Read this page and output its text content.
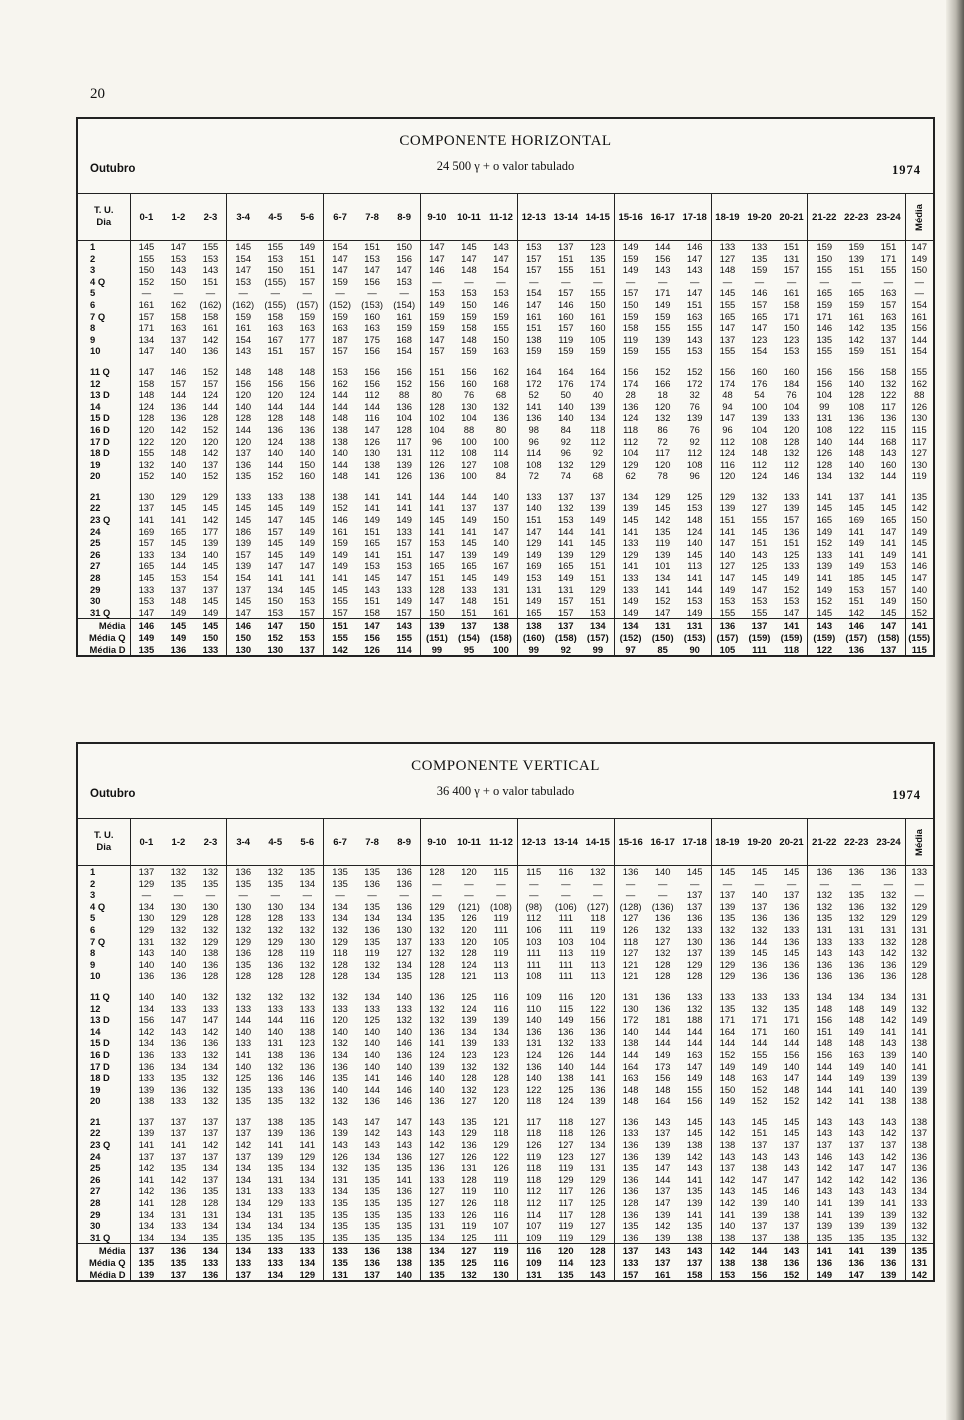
20
COMPONENTE HORIZONTAL
24 500 γ + o valor tabulado
Outubro	1974
T. U.
Dia	0-1	1-2	2-3	3-4	4-5	5-6	6-7	7-8	8-9	9-10	10-11	11-12	12-13	13-14	14-15	15-16	16-17	17-18	18-19	19-20	20-21	21-22	22-23	23-24	Média
1	145	147	155	145	155	149	154	151	150	147	145	143	153	137	123	149	144	146	133	133	151	159	159	151	147
2	155	153	153	154	153	151	147	153	156	147	147	147	157	151	135	159	156	147	127	135	131	150	139	171	149
3	150	143	143	147	150	151	147	147	147	146	148	154	157	155	151	149	143	143	148	159	157	155	151	155	150
4 Q	152	150	151	153	(155)	157	159	156	153	—	—	—	—	—	—	—	—	—	—	—	—	—	—	—	—
5	—	—	—	—	—	—	—	—	—	153	153	153	154	157	155	157	171	147	145	146	161	165	165	163	—
6	161	162	(162)	(162)	(155)	(157)	(152)	(153)	(154)	149	150	146	147	146	150	150	149	151	155	157	158	159	159	157	154
7 Q	157	158	158	159	158	159	159	160	161	159	159	159	161	160	161	159	159	163	165	165	171	171	161	163	161
8	171	163	161	161	163	163	163	163	159	159	158	155	151	157	160	158	155	155	147	147	150	146	142	135	156
9	134	137	142	154	167	177	187	175	168	147	148	150	138	119	105	119	139	143	137	123	123	135	142	137	144
10	147	140	136	143	151	157	157	156	154	157	159	163	159	159	159	159	155	153	155	154	153	155	159	151	154

11 Q	147	146	152	148	148	148	153	156	156	151	156	162	164	164	164	156	152	152	156	160	160	156	156	158	155
12	158	157	157	156	156	156	162	156	152	156	160	168	172	176	174	174	166	172	174	176	184	156	140	132	162
13 D	148	144	124	120	120	124	144	112	88	80	76	68	52	50	40	28	18	32	48	54	76	104	128	122	88
14	124	136	144	140	144	144	144	144	136	128	130	132	141	140	139	136	120	76	94	100	104	99	108	117	126
15 D	128	136	128	128	128	148	148	116	104	102	104	136	136	140	134	124	132	139	147	139	133	131	136	136	130
16 D	120	142	152	144	136	136	138	147	128	104	88	80	98	84	118	118	86	76	96	104	120	108	122	115	115
17 D	122	120	120	120	124	138	138	126	117	96	100	100	96	92	112	112	72	92	112	108	128	140	144	168	117
18 D	155	148	142	137	140	140	140	130	131	112	108	114	114	96	92	104	117	112	124	148	132	126	148	143	127
19	132	140	137	136	144	150	144	138	139	126	127	108	108	132	129	129	120	108	116	112	112	128	140	160	130
20	152	140	152	135	152	160	148	141	126	136	100	84	72	74	68	62	78	96	120	124	146	134	132	144	119

21	130	129	129	133	133	138	138	141	141	144	144	140	133	137	137	134	129	125	129	132	133	141	137	141	135
22	137	145	145	145	145	149	152	141	141	141	137	137	140	132	139	139	145	153	139	127	139	145	145	145	142
23 Q	141	141	142	145	147	145	146	149	149	145	149	150	151	153	149	145	142	148	151	155	157	165	169	165	150
24	169	165	177	186	157	149	161	151	133	141	141	147	147	144	141	141	135	124	141	145	136	149	141	147	149
25	157	145	139	139	145	149	159	165	157	153	145	140	129	141	145	133	119	140	147	151	151	152	149	141	145
26	133	134	140	157	145	149	149	141	151	147	139	149	149	139	129	129	139	145	140	143	125	133	141	149	141
27	165	144	145	139	147	147	149	153	153	165	165	167	169	165	151	141	101	113	127	125	133	139	149	153	146
28	145	153	154	154	141	141	141	145	147	151	145	149	153	149	151	133	134	141	147	145	149	141	185	145	147
29	133	137	137	137	134	145	145	143	133	128	133	131	131	131	129	133	141	144	149	147	152	149	153	157	140
30	153	148	145	145	150	153	155	151	149	147	148	151	149	157	151	149	152	153	153	153	153	152	151	149	150
31 Q	147	149	149	147	153	157	157	158	157	150	151	161	165	157	153	149	147	149	155	155	147	145	142	145	152
Média	146	145	145	146	147	150	151	147	143	139	137	138	138	137	134	134	131	131	136	137	141	143	146	147	141
Média Q	149	149	150	150	152	153	155	156	155	(151)	(154)	(158)	(160)	(158)	(157)	(152)	(150)	(153)	(157)	(159)	(159)	(159)	(157)	(158)	(155)
Média D	135	136	133	130	130	137	142	126	114	99	95	100	99	92	99	97	85	90	105	111	118	122	136	137	115
COMPONENTE VERTICAL
36 400 γ + o valor tabulado
Outubro	1974
T. U.
Dia	0-1	1-2	2-3	3-4	4-5	5-6	6-7	7-8	8-9	9-10	10-11	11-12	12-13	13-14	14-15	15-16	16-17	17-18	18-19	19-20	20-21	21-22	22-23	23-24	Média
1	137	132	132	136	132	135	135	135	136	128	120	115	115	116	132	136	140	145	145	145	145	136	136	136	133
2	129	135	135	135	135	134	135	136	136	—	—	—	—	—	—	—	—	—	—	—	—	—	—	—	—
3	—	—	—	—	—	—	—	—	—	—	—	—	—	—	—	—	—	137	137	140	137	132	135	132	—
4 Q	134	130	130	130	130	134	134	135	136	129	(121)	(108)	(98)	(106)	(127)	(128)	(136)	137	139	137	136	132	136	132	129
5	130	129	128	128	128	133	134	134	134	135	126	119	112	111	118	127	136	136	135	136	136	135	132	129	129
6	129	132	132	132	132	132	132	136	130	132	120	111	106	111	119	126	132	133	132	132	133	131	131	131	131
7 Q	131	132	129	129	129	130	129	135	137	133	120	105	103	103	104	118	127	130	136	144	136	133	133	132	128
8	143	140	138	136	128	119	118	119	127	132	128	119	111	113	119	127	132	137	139	145	145	143	143	142	132
9	140	140	136	135	136	132	128	132	134	128	124	113	111	111	113	121	128	129	129	136	136	136	136	136	129
10	136	136	128	128	128	128	128	134	135	128	121	113	108	111	113	121	128	128	129	136	136	136	136	136	128

11 Q	140	140	132	132	132	132	132	134	140	136	125	116	109	116	120	131	136	133	133	133	133	134	134	134	131
12	134	133	133	133	133	133	133	133	133	132	124	116	110	115	122	130	136	132	135	132	135	148	148	149	132
13 D	156	147	147	144	144	116	120	125	132	132	139	139	140	149	156	172	181	188	171	171	171	156	148	142	149
14	142	143	142	140	140	138	140	140	140	136	134	134	136	136	136	140	144	144	164	171	160	151	149	141	141
15 D	134	136	136	133	131	123	132	140	146	141	139	133	131	132	133	138	144	144	144	144	144	148	148	143	138
16 D	136	133	132	141	138	136	134	140	136	124	123	123	124	126	144	144	149	163	152	155	156	156	163	139	140
17 D	136	134	134	140	132	136	136	140	140	139	132	132	136	140	144	164	173	147	149	149	140	144	149	140	141
18 D	133	135	132	125	136	146	135	141	146	140	128	128	140	138	141	163	156	149	148	163	147	144	149	139	139
19	139	136	132	135	133	136	140	144	146	140	132	123	122	125	136	148	148	155	150	152	148	144	141	140	139
20	138	133	132	135	135	132	132	136	146	136	127	120	118	124	139	148	164	156	149	152	152	142	141	138	138

21	137	137	137	137	138	135	143	147	147	143	135	121	117	118	127	136	143	145	143	145	145	143	143	143	138
22	139	137	137	137	139	136	139	142	143	143	129	118	118	118	126	133	137	145	142	151	145	143	143	142	137
23 Q	141	141	142	142	141	141	143	143	143	142	136	129	126	127	134	136	139	138	138	137	137	137	137	137	138
24	137	137	137	137	139	129	126	134	136	127	126	122	119	123	127	136	139	142	143	143	143	146	143	142	136
25	142	135	134	134	135	134	132	135	135	136	131	126	118	119	131	135	147	143	137	138	143	142	147	147	136
26	141	142	137	134	131	134	131	135	141	133	128	119	118	129	129	136	144	141	142	147	147	142	142	142	136
27	142	136	135	131	133	133	134	135	136	127	119	110	112	117	126	136	137	135	143	145	146	143	143	143	134
28	141	128	128	134	129	133	135	135	135	127	126	118	112	117	125	128	147	139	142	139	140	141	139	141	133
29	134	131	131	134	131	135	135	135	135	133	126	116	114	117	128	136	139	141	141	139	138	141	139	139	132
30	134	133	134	134	134	134	135	135	135	131	119	107	107	119	127	135	142	135	140	137	137	139	139	139	132
31 Q	134	134	135	135	135	135	135	135	135	134	125	111	109	119	129	136	139	138	138	137	138	135	135	135	132
Média	137	136	134	134	133	133	133	136	138	134	127	119	116	120	128	137	143	143	142	144	143	141	141	139	135
Média Q	135	135	133	133	133	134	135	136	138	135	125	116	109	114	123	133	137	137	138	138	136	136	136	136	131
Média D	139	137	136	137	134	129	131	137	140	135	132	130	131	135	143	157	161	158	153	156	152	149	147	139	142
